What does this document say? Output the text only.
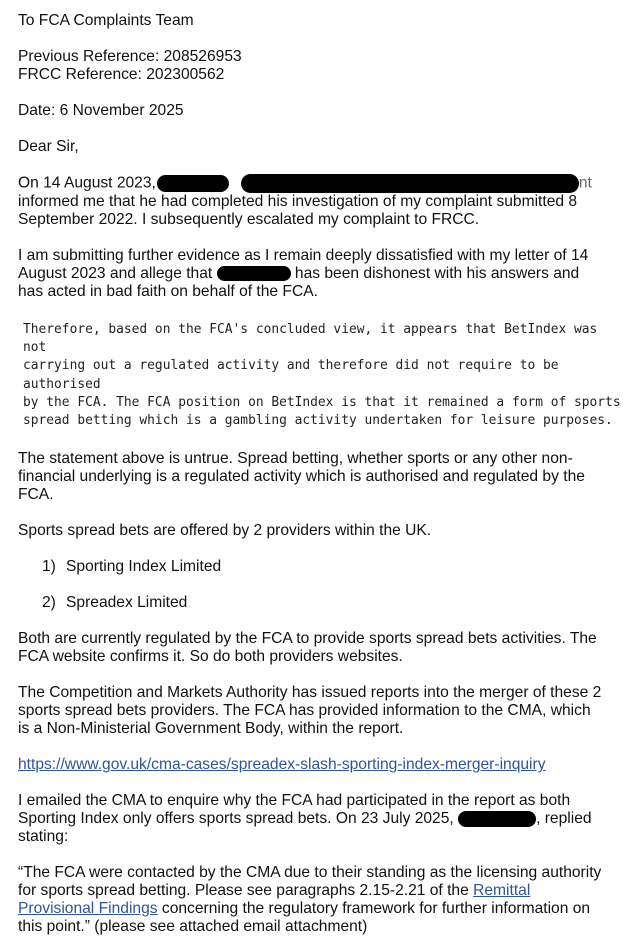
To FCA Complaints Team

Previous Reference: 208526953

FRCC Reference: 202300562

Date: 6 November 2025

Dear Sir,

On 14 August 2023,	nt

informed me that he had completed his investigation of my complaint submitted 8

September 2022. I subsequently escalated my complaint to FRCC.

I am submitting further evidence as I remain deeply dissatisfied with my letter of 14

August 2023 and allege that	has been dishonest with his answers and

has acted in bad faith on behalf of the FCA.

Therefore, based on the FCA's concluded view, it appears that BetIndex was not

carrying out a regulated activity and therefore did not require to be authorised

by the FCA. The FCA position on BetIndex is that it remained a form of sports

spread betting which is a gambling activity undertaken for leisure purposes.

The statement above is untrue. Spread betting, whether sports or any other non-

financial underlying is a regulated activity which is authorised and regulated by the

FCA.

Sports spread bets are offered by 2 providers within the UK.

1) Sporting Index Limited
2) Spreadex Limited

Both are currently regulated by the FCA to provide sports spread bets activities. The

FCA website confirms it. So do both providers websites.

The Competition and Markets Authority has issued reports into the merger of these 2

sports spread bets providers. The FCA has provided information to the CMA, which

is a Non-Ministerial Government Body, within the report.

https://www.gov.uk/cma-cases/spreadex-slash-sporting-index-merger-inquiry

I emailed the CMA to enquire why the FCA had participated in the report as both

Sporting Index only offers sports spread bets. On 23 July 2025,	, replied

stating:

“The FCA were contacted by the CMA due to their standing as the licensing authority

for sports spread betting. Please see paragraphs 2.15-2.21 of the Remittal

Provisional Findings concerning the regulatory framework for further information on

this point.” (please see attached email attachment)
